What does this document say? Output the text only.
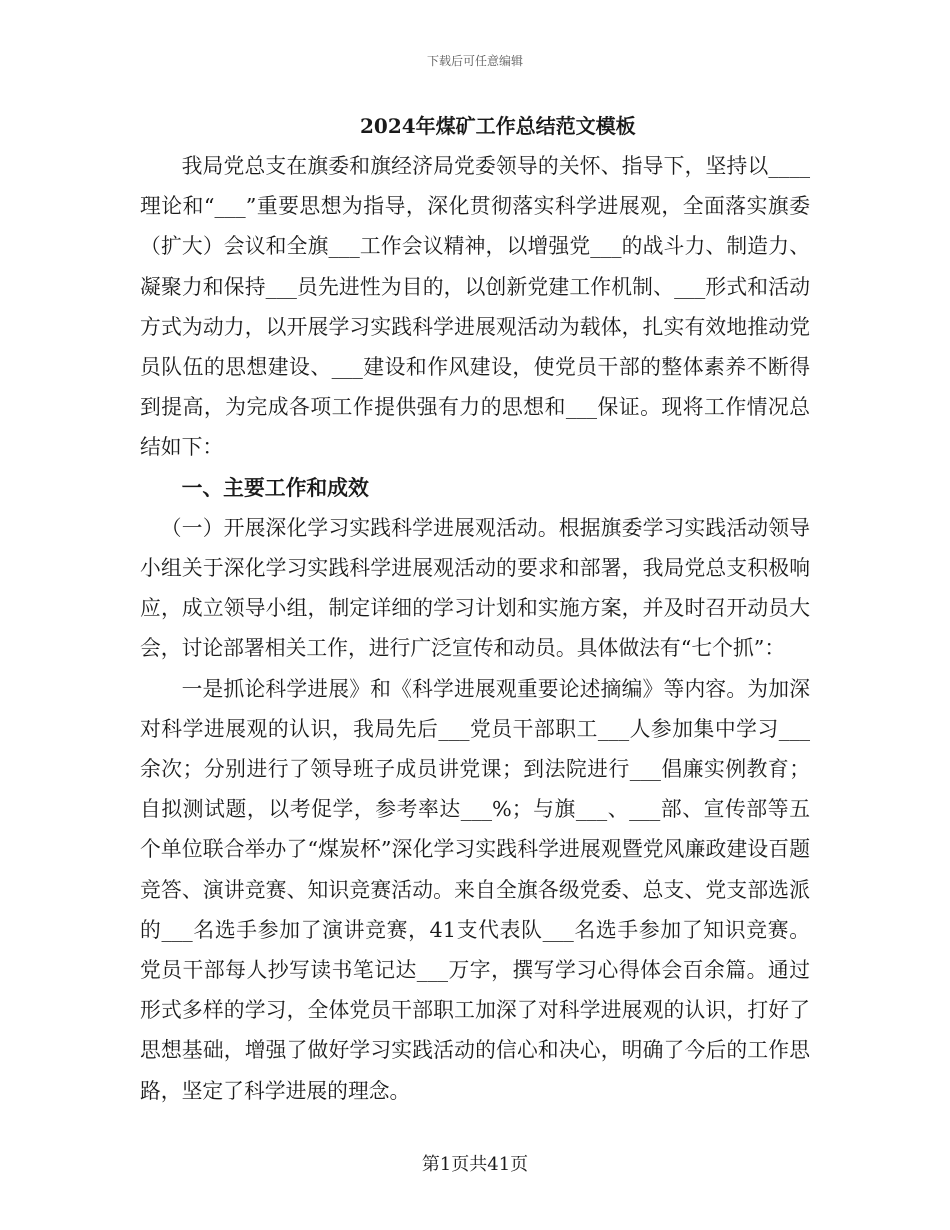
下载后可任意编辑
2024年煤矿工作总结范文模板

我局党总支在旗委和旗经济局党委领导的关怀、指导下，坚持以____理论和“___”重要思想为指导，深化贯彻落实科学进展观，全面落实旗委（扩大）会议和全旗___工作会议精神，以增强党___的战斗力、制造力、凝聚力和保持___员先进性为目的，以创新党建工作机制、___形式和活动方式为动力，以开展学习实践科学进展观活动为载体，扎实有效地推动党员队伍的思想建设、___建设和作风建设，使党员干部的整体素养不断得到提高，为完成各项工作提供强有力的思想和___保证。现将工作情况总结如下：

一、主要工作和成效

（一）开展深化学习实践科学进展观活动。根据旗委学习实践活动领导小组关于深化学习实践科学进展观活动的要求和部署，我局党总支积极响应，成立领导小组，制定详细的学习计划和实施方案，并及时召开动员大会，讨论部署相关工作，进行广泛宣传和动员。具体做法有“七个抓”：

一是抓论科学进展》和《科学进展观重要论述摘编》等内容。为加深对科学进展观的认识，我局先后___党员干部职工___人参加集中学习___余次；分别进行了领导班子成员讲党课；到法院进行___倡廉实例教育；自拟测试题，以考促学，参考率达___%；与旗___、___部、宣传部等五个单位联合举办了“煤炭杯”深化学习实践科学进展观暨党风廉政建设百题竞答、演讲竞赛、知识竞赛活动。来自全旗各级党委、总支、党支部选派的___名选手参加了演讲竞赛，41支代表队___名选手参加了知识竞赛。党员干部每人抄写读书笔记达___万字，撰写学习心得体会百余篇。通过形式多样的学习，全体党员干部职工加深了对科学进展观的认识，打好了思想基础，增强了做好学习实践活动的信心和决心，明确了今后的工作思路，坚定了科学进展的理念。

第1页共41页
